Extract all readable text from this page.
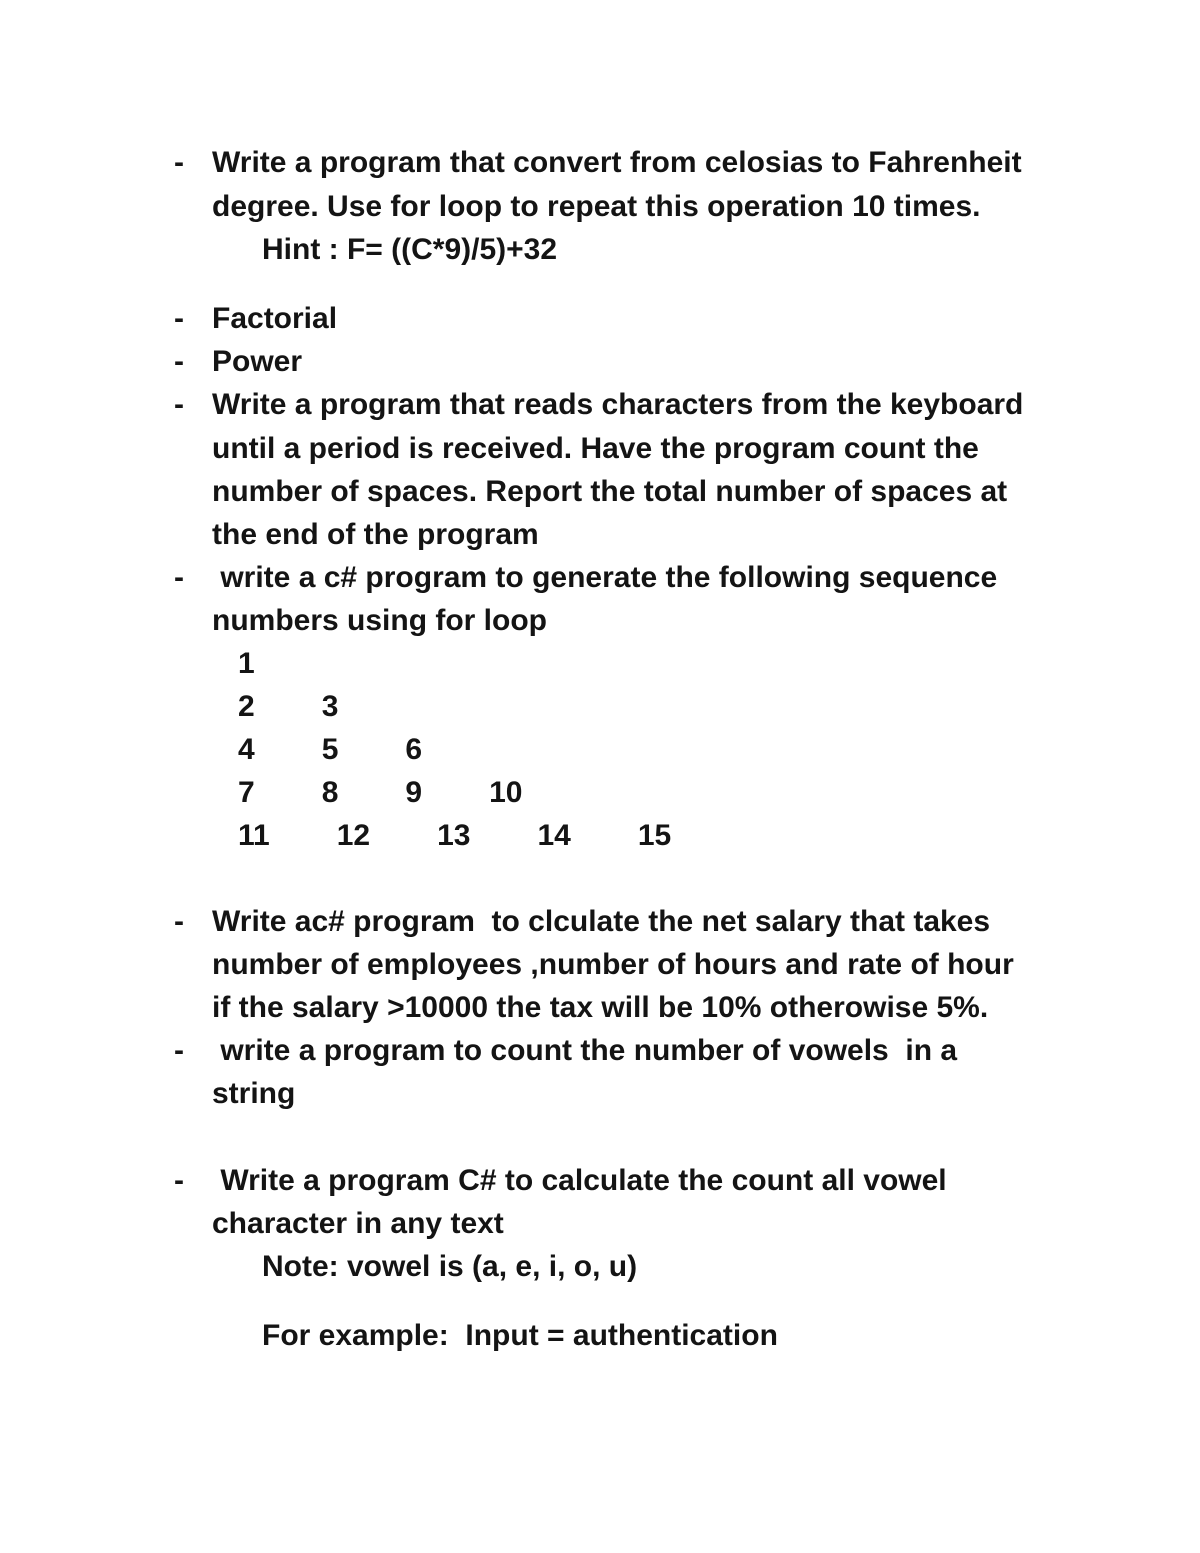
- Write a program that convert from celosias to Fahrenheit

degree. Use for loop to repeat this operation 10 times.

Hint : F= ((C*9)/5)+32

- Factorial

- Power

- Write a program that reads characters from the keyboard

until a period is received. Have the program count the

number of spaces. Report the total number of spaces at

the end of the program

- write a c# program to generate the following sequence

numbers using for loop

1

2   3

4   5   6

7   8   9   10

11   12   13   14   15

- Write ac# program  to clculate the net salary that takes

number of employees ,number of hours and rate of hour

if the salary >10000 the tax will be 10% otherowise 5%.

- write a program to count the number of vowels  in a

string

- Write a program C# to calculate the count all vowel

character in any text

Note: vowel is (a, e, i, o, u)

For example:  Input = authentication
